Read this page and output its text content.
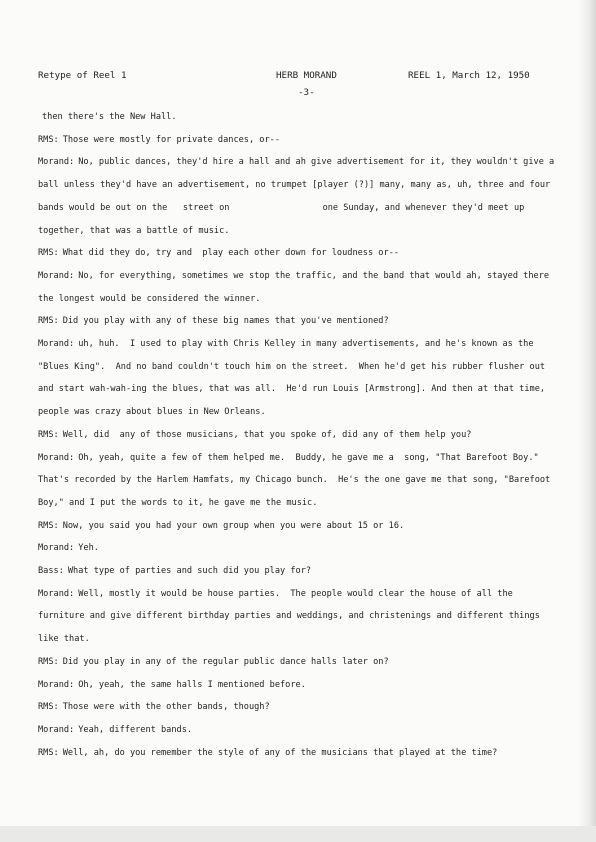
Retype of Reel 1	HERB MORAND	REEL 1, March 12, 1950
-3-

then there's the New Hall.

RMS: Those were mostly for private dances, or--

Morand: No, public dances, they'd hire a hall and ah give advertisement for it, they wouldn't give a ball unless they'd have an advertisement, no trumpet [player (?)] many, many as, uh, three and four bands would be out on the   street on                  one Sunday, and whenever they'd meet up together, that was a battle of music.

RMS: What did they do, try and  play each other down for loudness or--

Morand: No, for everything, sometimes we stop the traffic, and the band that would ah, stayed there the longest would be considered the winner.

RMS: Did you play with any of these big names that you've mentioned?

Morand: uh, huh.  I used to play with Chris Kelley in many advertisements, and he's known as the "Blues King".  And no band couldn't touch him on the street.  When he'd get his rubber flusher out and start wah-wah-ing the blues, that was all.  He'd run Louis [Armstrong]. And then at that time, people was crazy about blues in New Orleans.

RMS: Well, did  any of those musicians, that you spoke of, did any of them help you?

Morand: Oh, yeah, quite a few of them helped me.  Buddy, he gave me a  song, "That Barefoot Boy."  That's recorded by the Harlem Hamfats, my Chicago bunch.  He's the one gave me that song, "Barefoot Boy," and I put the words to it, he gave me the music.

RMS: Now, you said you had your own group when you were about 15 or 16.

Morand: Yeh.

Bass: What type of parties and such did you play for?

Morand: Well, mostly it would be house parties.  The people would clear the house of all the furniture and give different birthday parties and weddings, and christenings and different things like that.

RMS: Did you play in any of the regular public dance halls later on?

Morand: Oh, yeah, the same halls I mentioned before.

RMS: Those were with the other bands, though?

Morand: Yeah, different bands.

RMS: Well, ah, do you remember the style of any of the musicians that played at the time?
